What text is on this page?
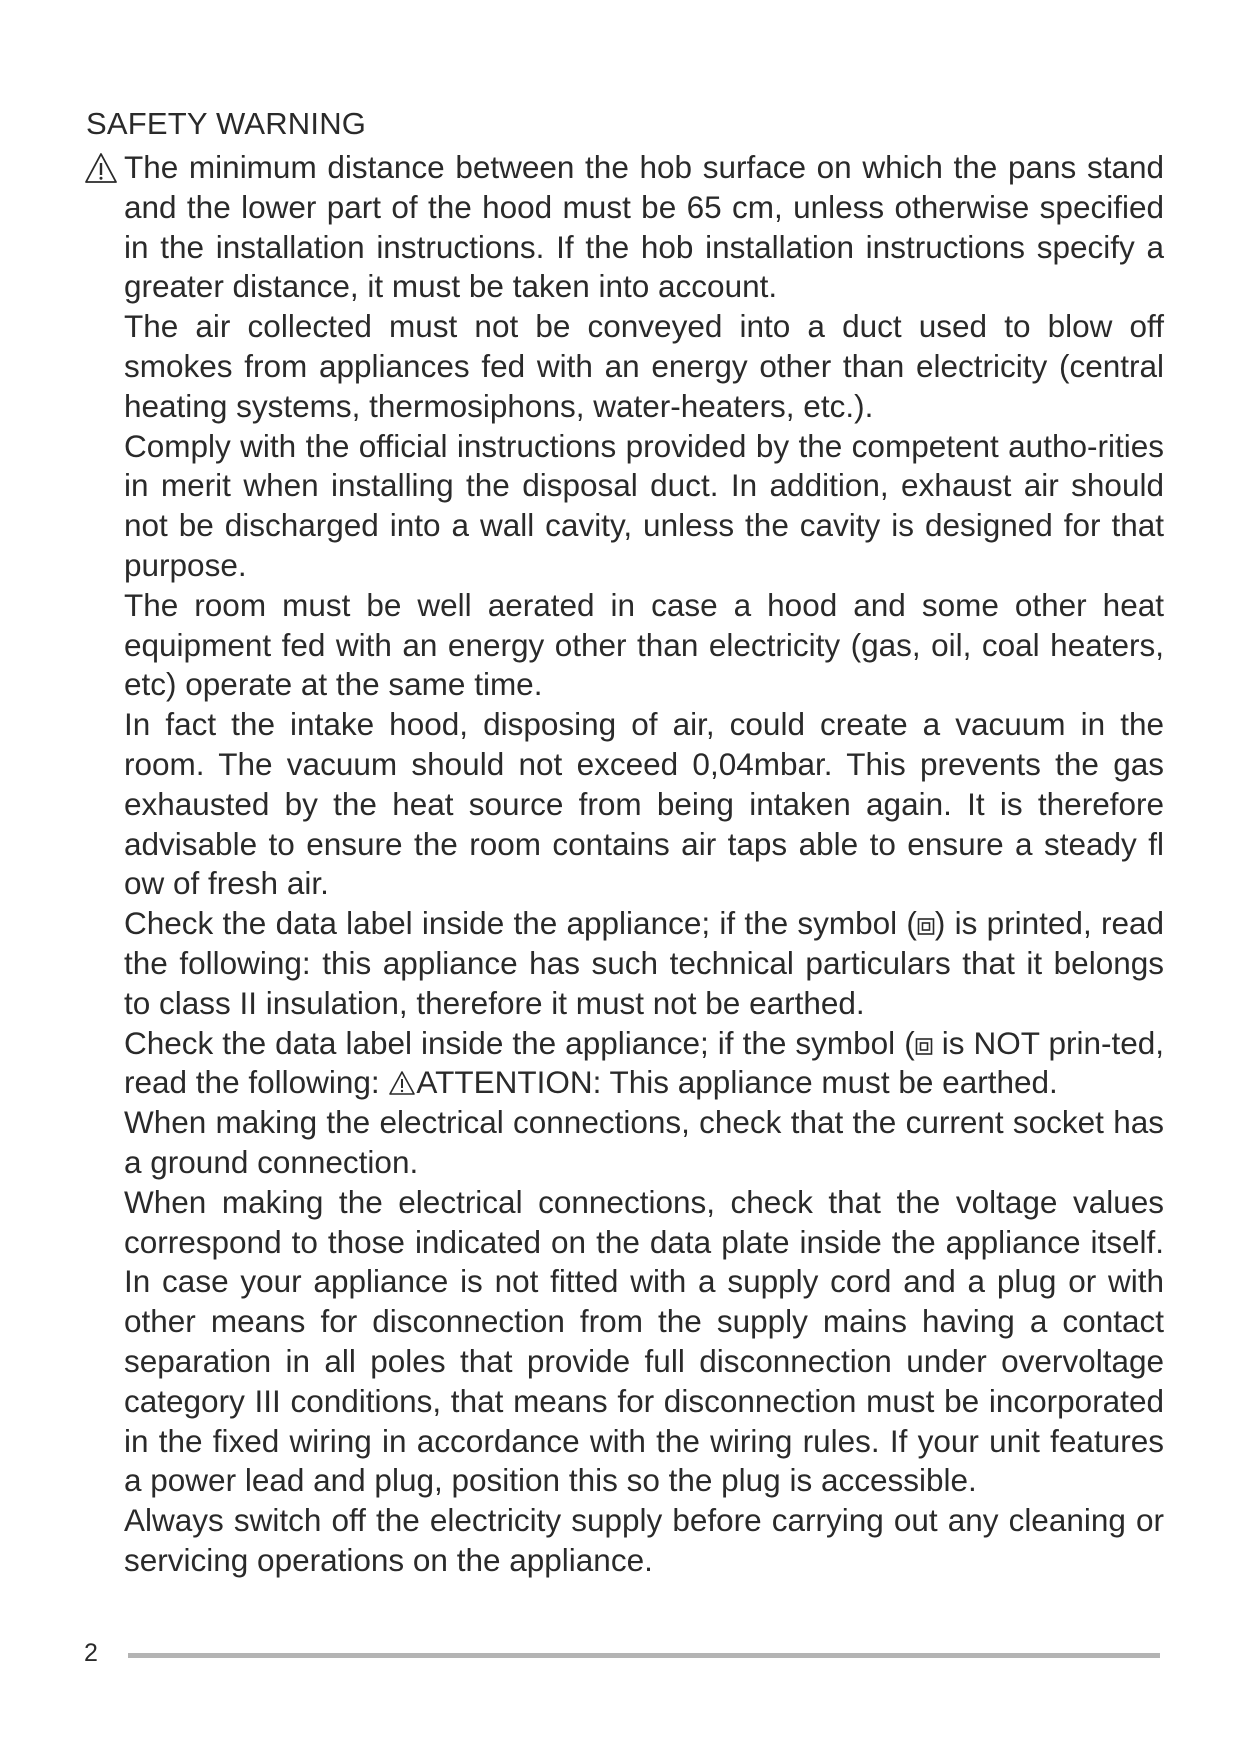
SAFETY WARNING

The minimum distance between the hob surface on which the pans stand and the lower part of the hood must be 65 cm, unless otherwise specified in the installation instructions. If the hob installation instructions specify a greater distance, it must be taken into account.

The air collected must not be conveyed into a duct used to blow off smokes from appliances fed with an energy other than electricity (central heating systems, thermosiphons, water-heaters, etc.).

Comply with the official instructions provided by the competent autho-rities in merit when installing the disposal duct. In addition, exhaust air should not be discharged into a wall cavity, unless the cavity is designed for that purpose.

The room must be well aerated in case a hood and some other heat equipment fed with an energy other than electricity (gas, oil, coal heaters, etc) operate at the same time.

In fact the intake hood, disposing of air, could create a vacuum in the room. The vacuum should not exceed 0,04mbar. This prevents the gas exhausted by the heat source from being intaken again. It is therefore advisable to ensure the room contains air taps able to ensure a steady fl ow of fresh air.

Check the data label inside the appliance; if the symbol ( ) is printed, read the following: this appliance has such technical particulars that it belongs to class II insulation, therefore it must not be earthed.

Check the data label inside the appliance; if the symbol ( is NOT prin-ted, read the following: ATTENTION: This appliance must be earthed.

When making the electrical connections, check that the current socket has a ground connection.

When making the electrical connections, check that the voltage values correspond to those indicated on the data plate inside the appliance itself. In case your appliance is not fitted with a supply cord and a plug or with other means for disconnection from the supply mains having a contact separation in all poles that provide full disconnection under overvoltage category III conditions, that means for disconnection must be incorporated in the fixed wiring in accordance with the wiring rules. If your unit features a power lead and plug, position this so the plug is accessible.

Always switch off the electricity supply before carrying out any cleaning or servicing operations on the appliance.

2
